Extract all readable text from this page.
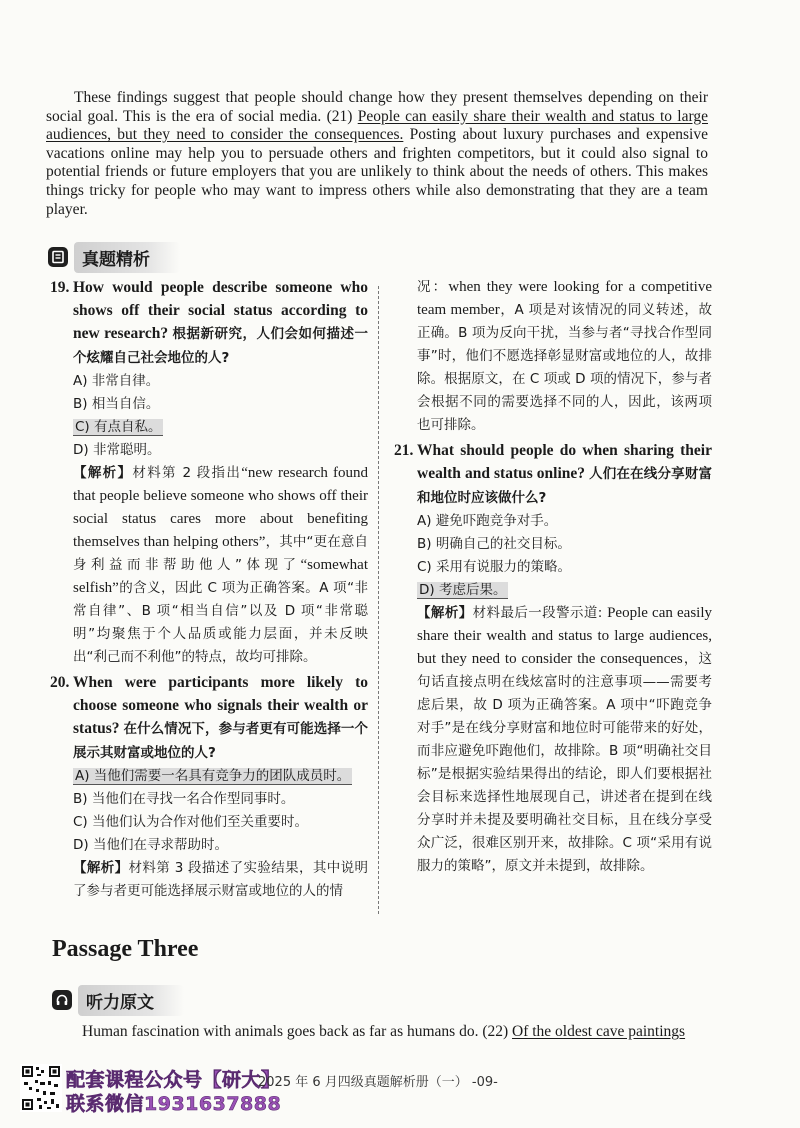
These findings suggest that people should change how they present themselves depending on their social goal. This is the era of social media. (21) People can easily share their wealth and status to large audiences, but they need to consider the consequences. Posting about luxury purchases and expensive vacations online may help you to persuade others and frighten competitors, but it could also signal to potential friends or future employers that you are unlikely to think about the needs of others. This makes things tricky for people who may want to impress others while also demonstrating that they are a team player.

真题精析
19. How would people describe someone who shows off their social status according to new research? 根据新研究，人们会如何描述一个炫耀自己社会地位的人?
A) 非常自律。
B) 相当自信。
C) 有点自私。
D) 非常聪明。
【解析】材料第 2 段指出“new research found that people believe someone who shows off their social status cares more about benefiting themselves than helping others”，其中“更在意自身利益而非帮助他人”体现了“somewhat selfish”的含义，因此 C 项为正确答案。A 项“非常自律”、B 项“相当自信”以及 D 项“非常聪明”均聚焦于个人品质或能力层面，并未反映出“利己而不利他”的特点，故均可排除。
20. When were participants more likely to choose someone who signals their wealth or status? 在什么情况下，参与者更有可能选择一个展示其财富或地位的人?
A) 当他们需要一名具有竞争力的团队成员时。
B) 当他们在寻找一名合作型同事时。
C) 当他们认为合作对他们至关重要时。
D) 当他们在寻求帮助时。
【解析】材料第 3 段描述了实验结果，其中说明了参与者更可能选择展示财富或地位的人的情
况：when they were looking for a competitive team member，A 项是对该情况的同义转述，故正确。B 项为反向干扰，当参与者“寻找合作型同事”时，他们不愿选择彰显财富或地位的人，故排除。根据原文，在 C 项或 D 项的情况下，参与者会根据不同的需要选择不同的人，因此，该两项也可排除。
21. What should people do when sharing their wealth and status online? 人们在在线分享财富和地位时应该做什么?
A) 避免吓跑竞争对手。
B) 明确自己的社交目标。
C) 采用有说服力的策略。
D) 考虑后果。
【解析】材料最后一段警示道: People can easily share their wealth and status to large audiences, but they need to consider the consequences，这句话直接点明在线炫富时的注意事项——需要考虑后果，故 D 项为正确答案。A 项中“吓跑竞争对手”是在线分享财富和地位时可能带来的好处，而非应避免吓跑他们，故排除。B 项“明确社交目标”是根据实验结果得出的结论，即人们要根据社会目标来选择性地展现自己，讲述者在提到在线分享时并未提及要明确社交目标，且在线分享受众广泛，很难区别开来，故排除。C 项“采用有说服力的策略”，原文并未提到，故排除。
Passage Three
听力原文

Human fascination with animals goes back as far as humans do. (22) Of the oldest cave paintings

配套课程公众号【研大】
联系微信1931637888
2025 年 6 月四级真题解析册（一） -09-
